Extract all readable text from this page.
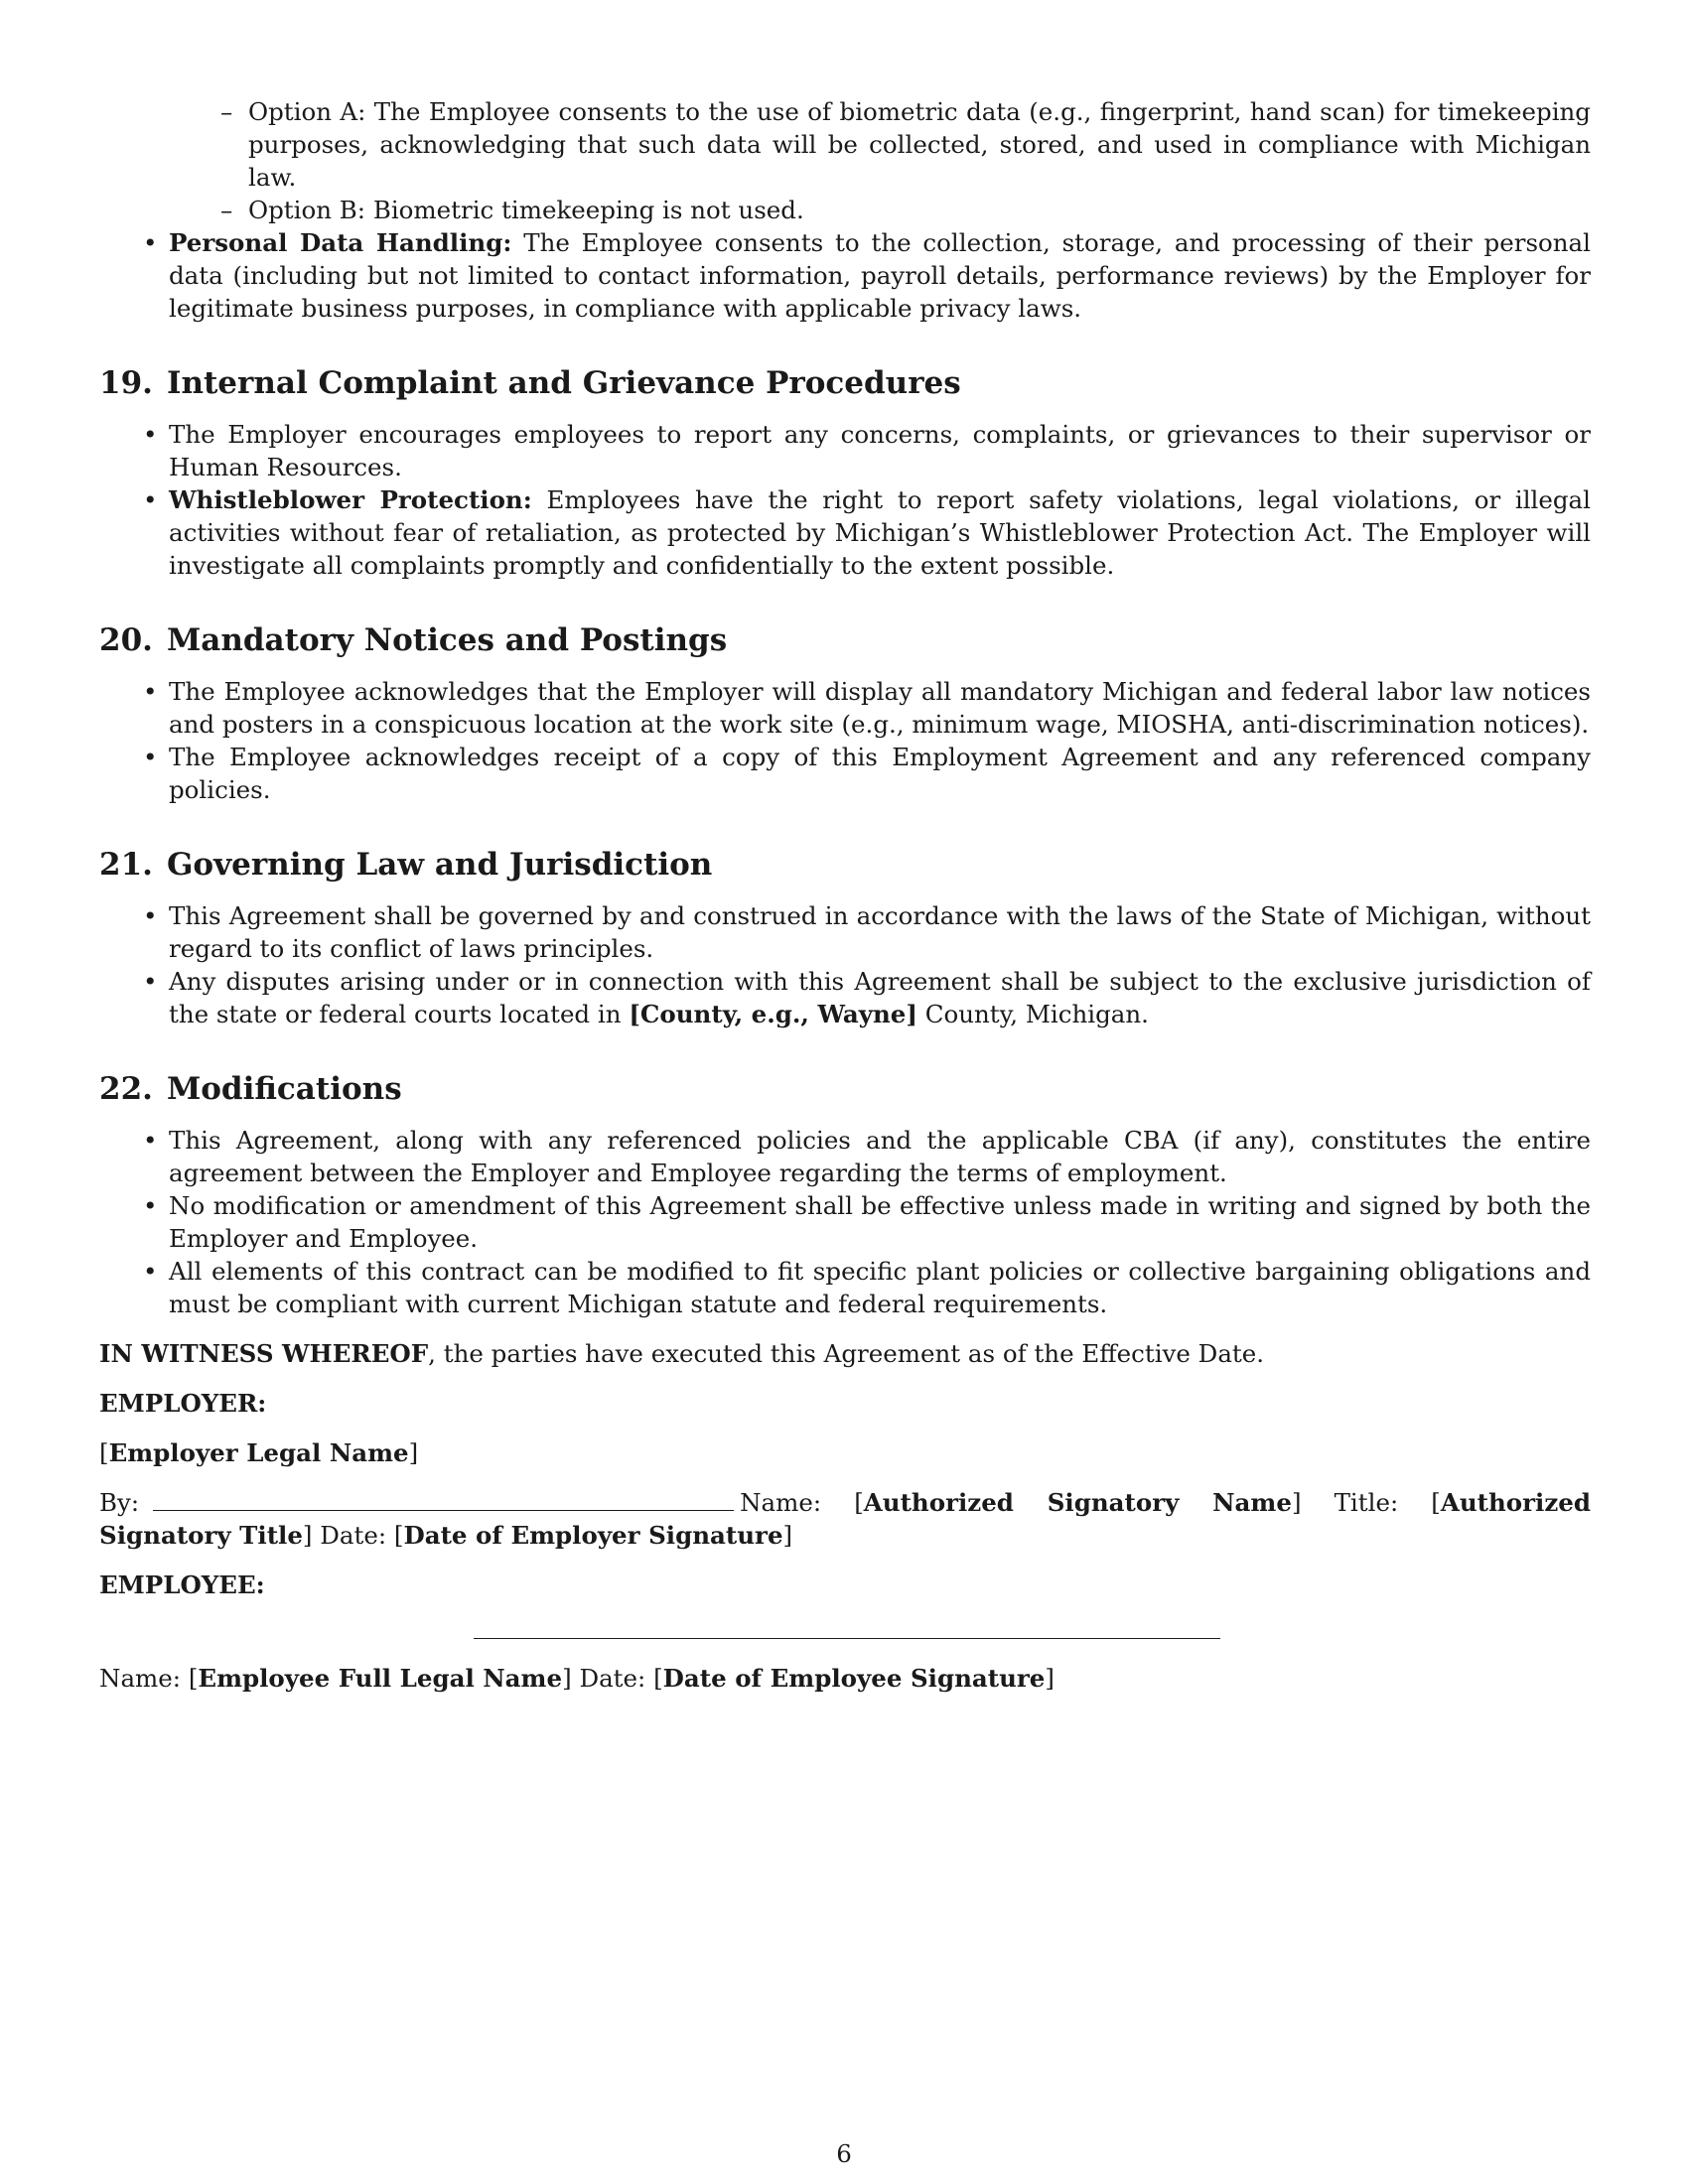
– Option A: The Employee consents to the use of biometric data (e.g., fingerprint, hand scan) for timekeeping purposes, acknowledging that such data will be collected, stored, and used in compliance with Michigan law.
– Option B: Biometric timekeeping is not used.
• Personal Data Handling: The Employee consents to the collection, storage, and processing of their personal data (including but not limited to contact information, payroll details, performance reviews) by the Employer for legitimate business purposes, in compliance with applicable privacy laws.
19. Internal Complaint and Grievance Procedures
• The Employer encourages employees to report any concerns, complaints, or grievances to their supervisor or Human Resources.
• Whistleblower Protection: Employees have the right to report safety violations, legal violations, or illegal activities without fear of retaliation, as protected by Michigan’s Whistleblower Protection Act. The Employer will investigate all complaints promptly and confidentially to the extent possible.
20. Mandatory Notices and Postings
• The Employee acknowledges that the Employer will display all mandatory Michigan and federal labor law notices and posters in a conspicuous location at the work site (e.g., minimum wage, MIOSHA, anti-discrimination notices).
• The Employee acknowledges receipt of a copy of this Employment Agreement and any referenced company policies.
21. Governing Law and Jurisdiction
• This Agreement shall be governed by and construed in accordance with the laws of the State of Michigan, without regard to its conflict of laws principles.
• Any disputes arising under or in connection with this Agreement shall be subject to the exclusive jurisdiction of the state or federal courts located in [County, e.g., Wayne] County, Michigan.
22. Modifications
• This Agreement, along with any referenced policies and the applicable CBA (if any), constitutes the entire agreement between the Employer and Employee regarding the terms of employment.
• No modification or amendment of this Agreement shall be effective unless made in writing and signed by both the Employer and Employee.
• All elements of this contract can be modified to fit specific plant policies or collective bargaining obligations and must be compliant with current Michigan statute and federal requirements.

IN WITNESS WHEREOF, the parties have executed this Agreement as of the Effective Date.

EMPLOYER:

[Employer Legal Name]

By:	Name: [Authorized Signatory Name] Title: [Authorized Signatory Title] Date: [Date of Employer Signature]

EMPLOYEE:

Name: [Employee Full Legal Name] Date: [Date of Employee Signature]

6
